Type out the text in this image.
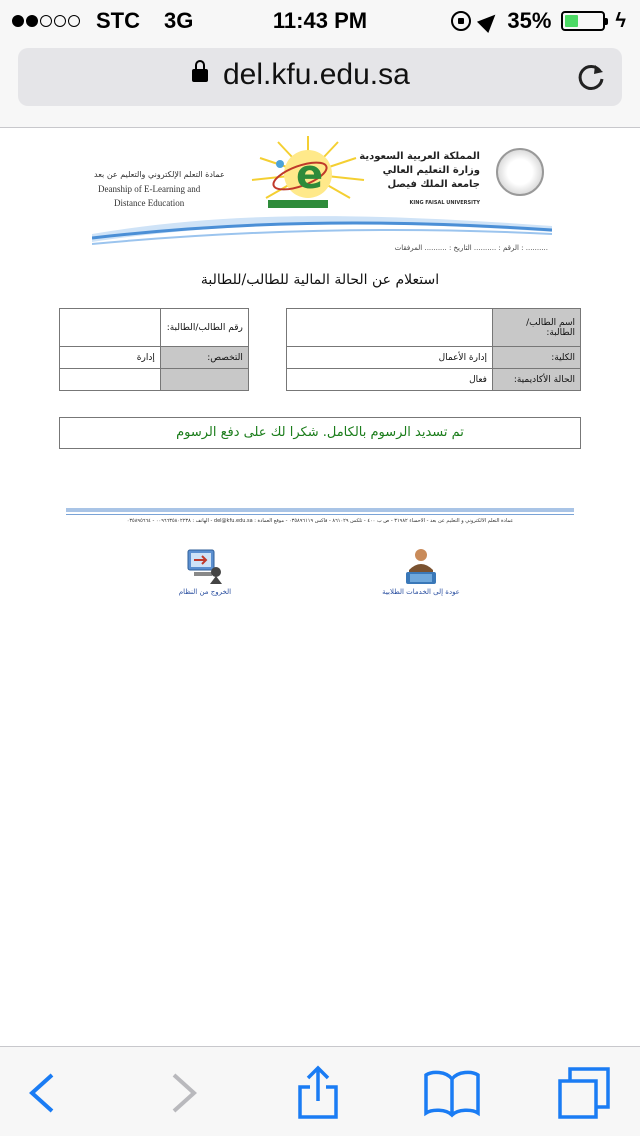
STC 3G	11:43 PM	35%	ϟ
del.kfu.edu.sa
عمادة التعلم الإلكتروني والتعليم عن بعد
Deanship of E-Learning and
Distance Education
e	المملكة العربية السعودية
وزارة التعليم العالي
جامعة الملك فيصل
KING FAISAL UNIVERSITY
الرقم : .......... التاريخ : .......... المرفقات : ..........
استعلام عن الحالة المالية للطالب/للطالبة
اسم الطالب/ الطالبة:			رقم الطالب/الطالبة:	
الكلية:	إدارة الأعمال		التخصص:	إدارة
الحالة الأكاديمية:	فعال			
تم تسديد الرسوم بالكامل. شكرا لك على دفع الرسوم
عمادة التعلم الالكتروني و التعليم عن بعد - الأحساء ٣١٩٨٢ - ص ب ٤٠٠ - تلكس ٨٦١٠٢٩ - فاكس ٠٣٥٨٩٦١١٩ - موقع العمادة : del@kfu.edu.sa - الهاتف : ٠٠٩٦٦٣٥٨٠٢٢٣٨ - ٠٣٥٨٩٥٦٦٤
عودة إلى الخدمات الطلابية
الخروج من النظام
